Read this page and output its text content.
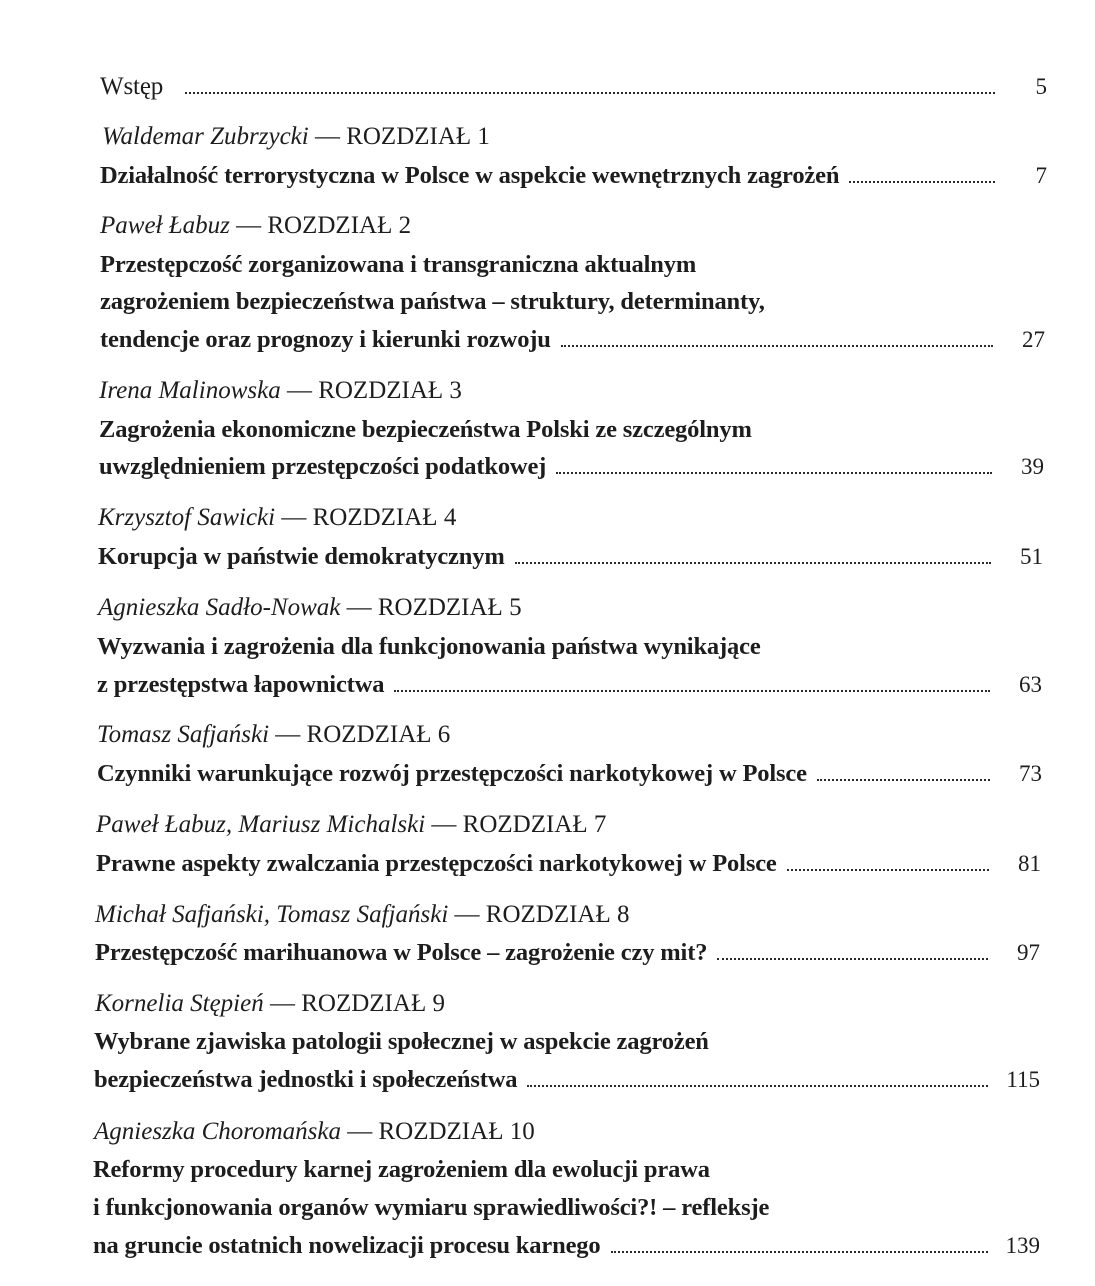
Wstęp	5
Waldemar Zubrzycki — ROZDZIAŁ 1
Działalność terrorystyczna w Polsce w aspekcie wewnętrznych zagrożeń	7
Paweł Łabuz — ROZDZIAŁ 2
Przestępczość zorganizowana i transgraniczna aktualnym
zagrożeniem bezpieczeństwa państwa – struktury, determinanty,
tendencje oraz prognozy i kierunki rozwoju	27
Irena Malinowska — ROZDZIAŁ 3
Zagrożenia ekonomiczne bezpieczeństwa Polski ze szczególnym
uwzględnieniem przestępczości podatkowej	39
Krzysztof Sawicki — ROZDZIAŁ 4
Korupcja w państwie demokratycznym	51
Agnieszka Sadło-Nowak — ROZDZIAŁ 5
Wyzwania i zagrożenia dla funkcjonowania państwa wynikające
z przestępstwa łapownictwa	63
Tomasz Safjański — ROZDZIAŁ 6
Czynniki warunkujące rozwój przestępczości narkotykowej w Polsce	73
Paweł Łabuz, Mariusz Michalski — ROZDZIAŁ 7
Prawne aspekty zwalczania przestępczości narkotykowej w Polsce	81
Michał Safjański, Tomasz Safjański — ROZDZIAŁ 8
Przestępczość marihuanowa w Polsce – zagrożenie czy mit?	97
Kornelia Stępień — ROZDZIAŁ 9
Wybrane zjawiska patologii społecznej w aspekcie zagrożeń
bezpieczeństwa jednostki i społeczeństwa	115
Agnieszka Choromańska — ROZDZIAŁ 10
Reformy procedury karnej zagrożeniem dla ewolucji prawa
i funkcjonowania organów wymiaru sprawiedliwości?! – refleksje
na gruncie ostatnich nowelizacji procesu karnego	139
